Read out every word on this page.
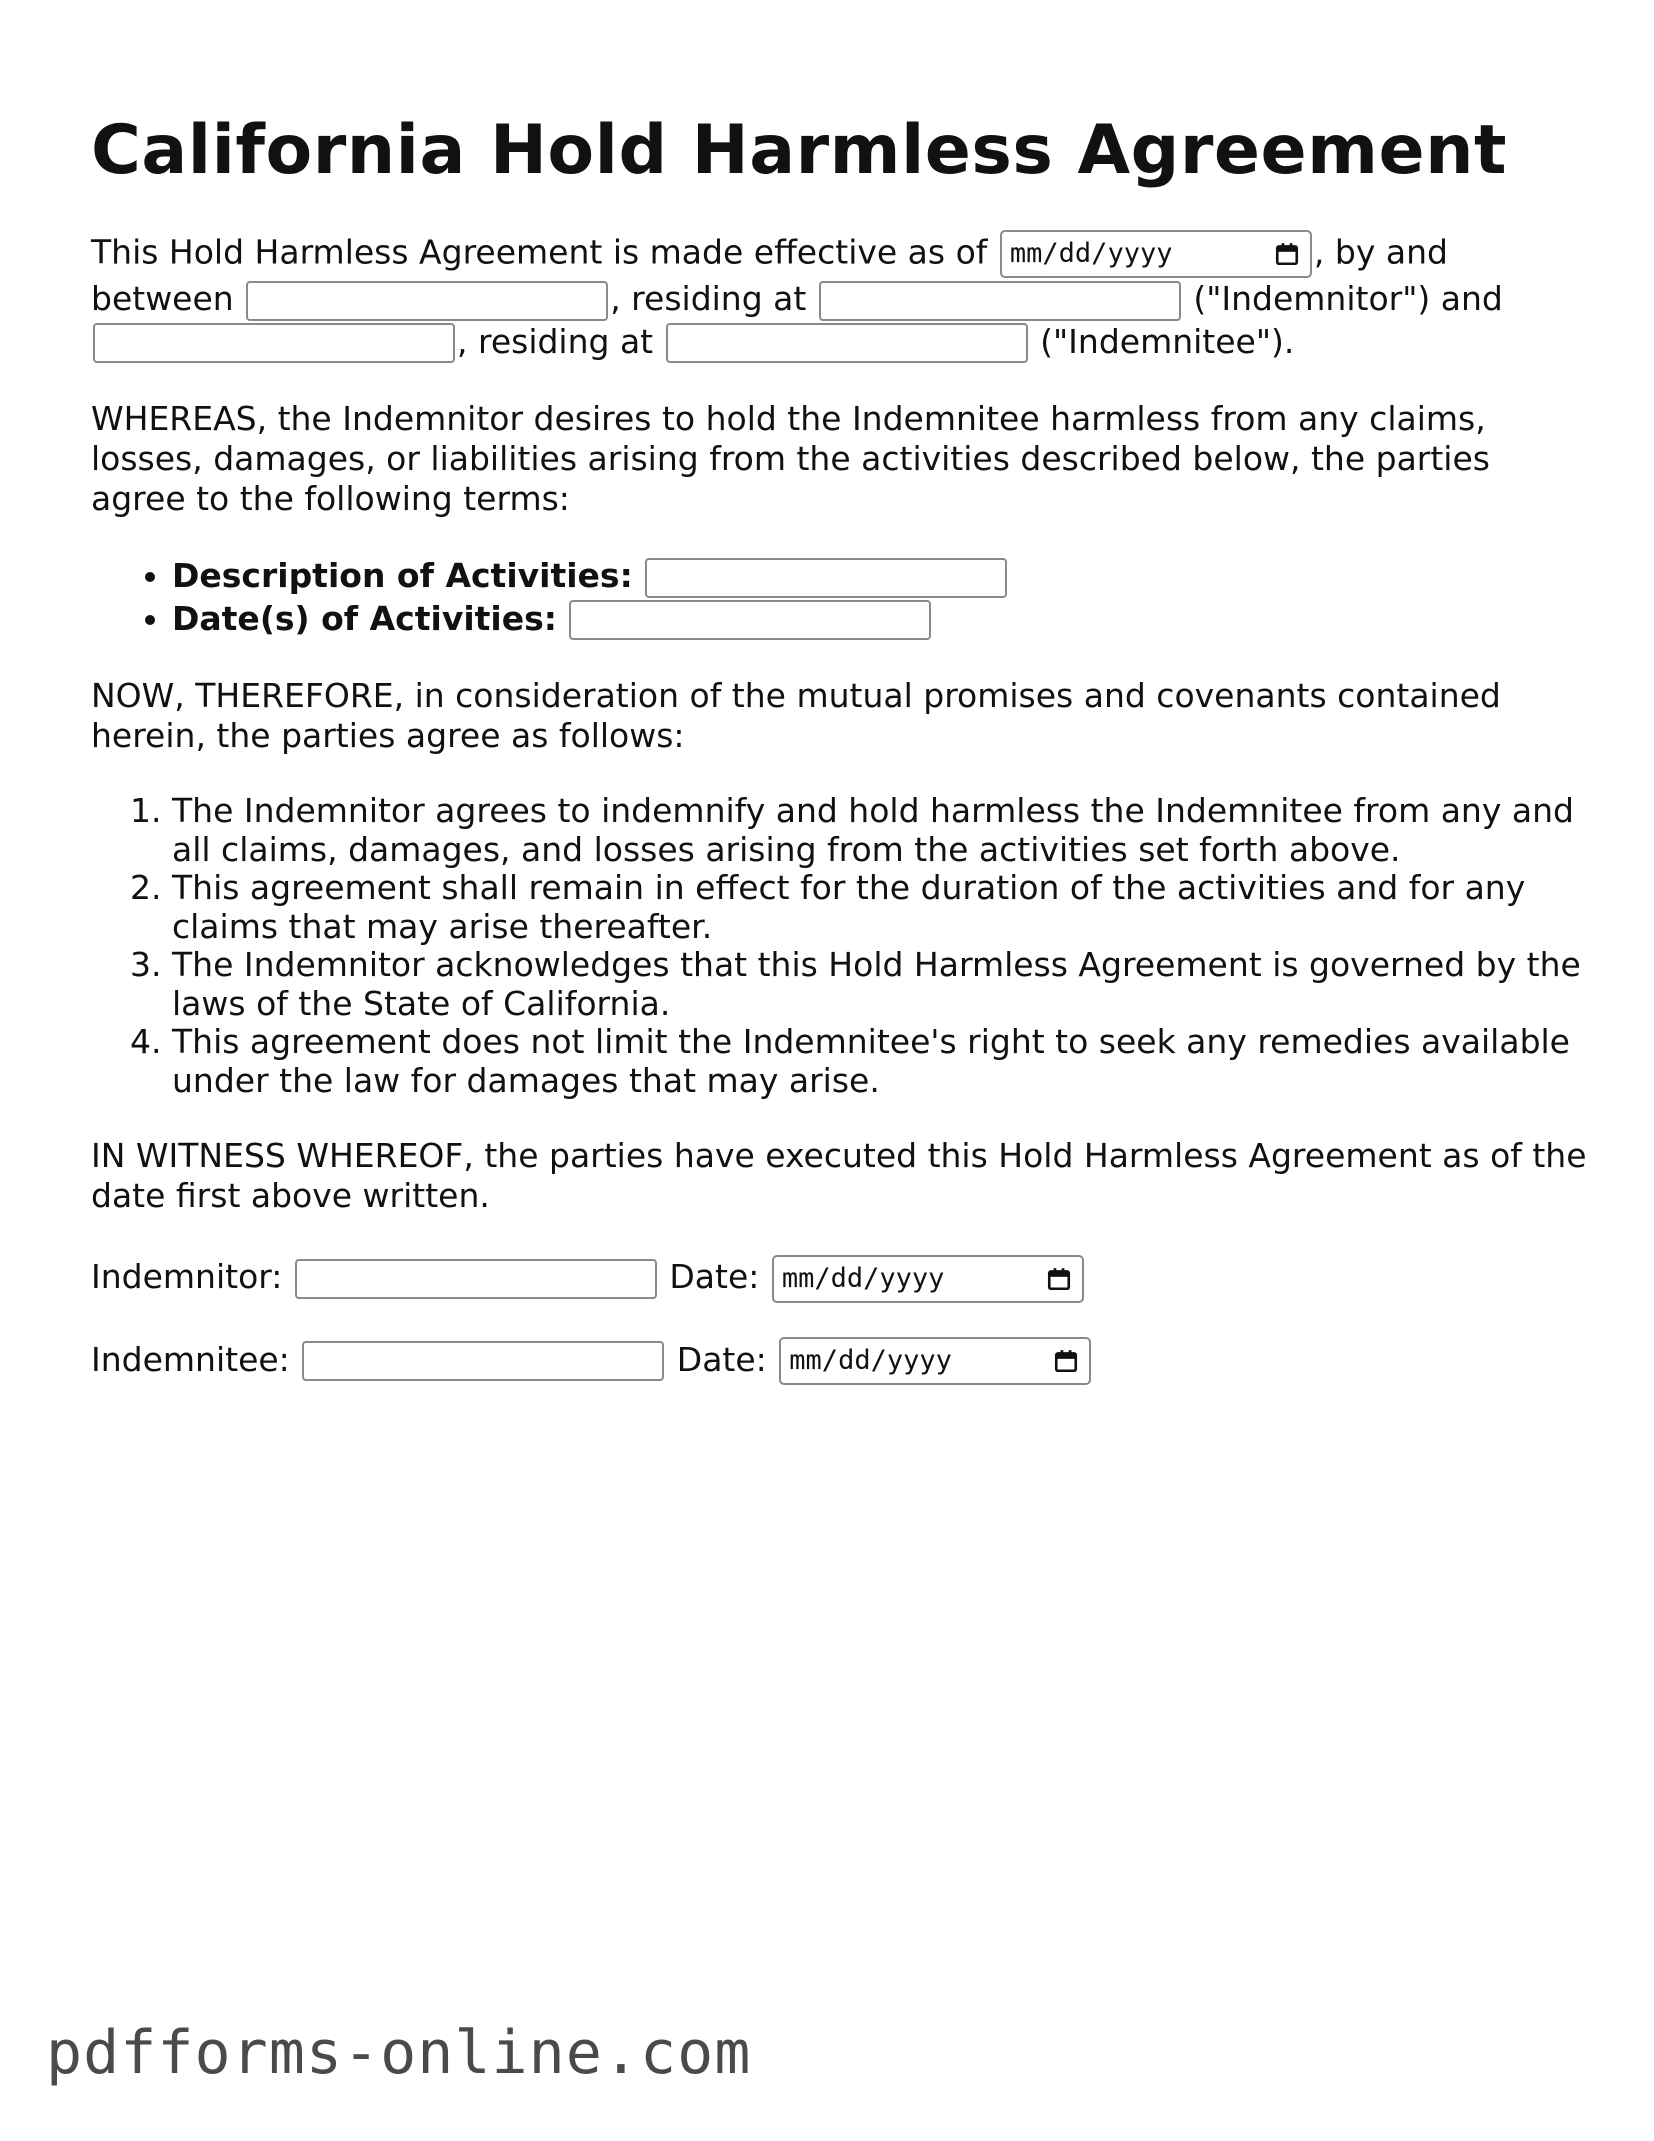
California Hold Harmless Agreement

This Hold Harmless Agreement is made effective as of mm/dd/yyyy	, by and between	, residing at	("Indemnitor") and , residing at	("Indemnitee").

WHEREAS, the Indemnitor desires to hold the Indemnitee harmless from any claims, losses, damages, or liabilities arising from the activities described below, the parties agree to the following terms:

• Description of Activities:
• Date(s) of Activities:

NOW, THEREFORE, in consideration of the mutual promises and covenants contained herein, the parties agree as follows:

1. The Indemnitor agrees to indemnify and hold harmless the Indemnitee from any and all claims, damages, and losses arising from the activities set forth above.
2. This agreement shall remain in effect for the duration of the activities and for any claims that may arise thereafter.
3. The Indemnitor acknowledges that this Hold Harmless Agreement is governed by the laws of the State of California.
4. This agreement does not limit the Indemnitee's right to seek any remedies available under the law for damages that may arise.

IN WITNESS WHEREOF, the parties have executed this Hold Harmless Agreement as of the date first above written.

Indemnitor:	Date: mm/dd/yyyy
Indemnitee:	Date: mm/dd/yyyy
pdfforms-online.com
